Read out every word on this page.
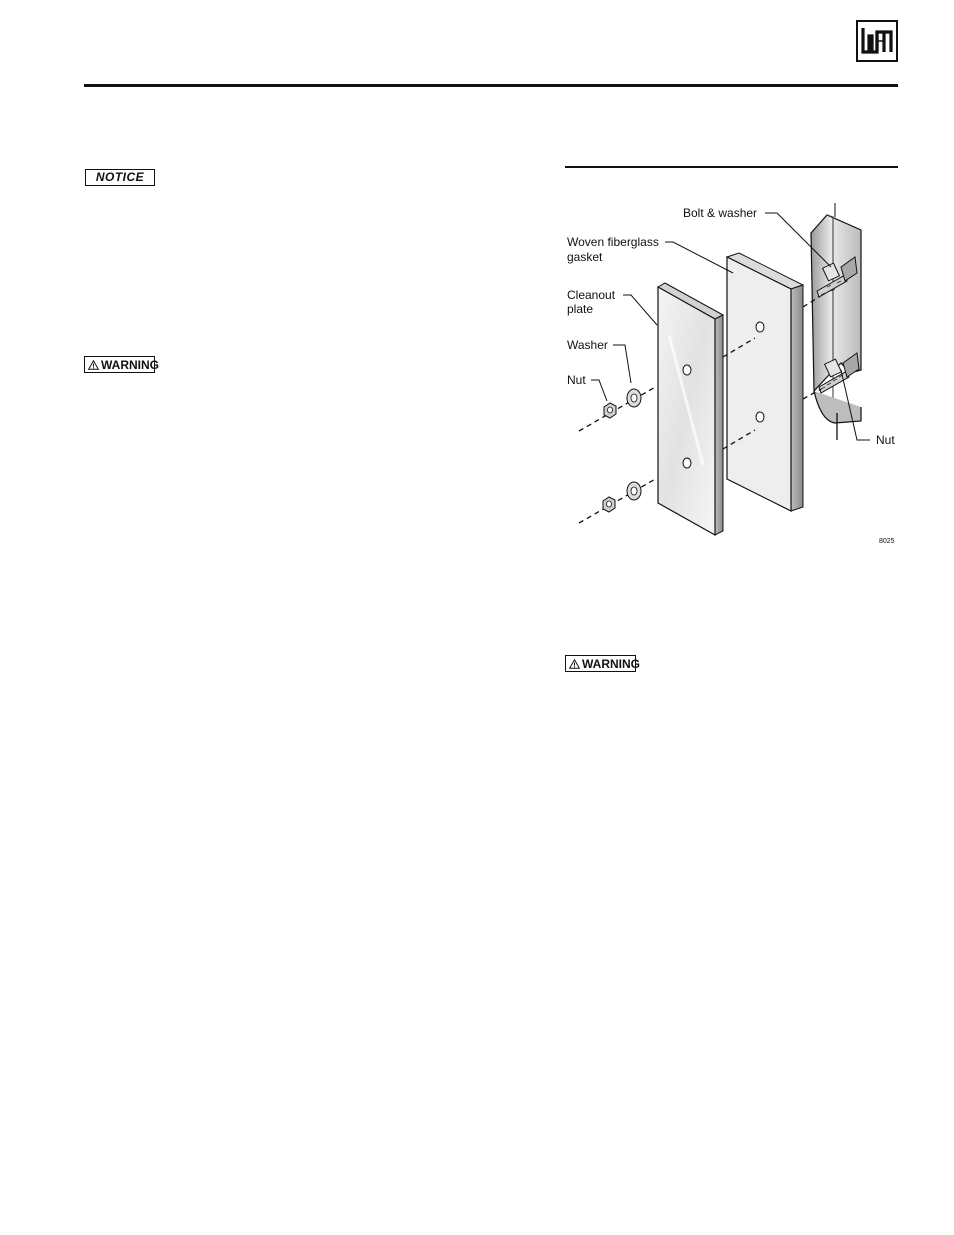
NOTICE
WARNING
Bolt & washer
Woven fiberglass
gasket
Cleanout
plate
Washer
Nut
Nut
8025
WARNING
